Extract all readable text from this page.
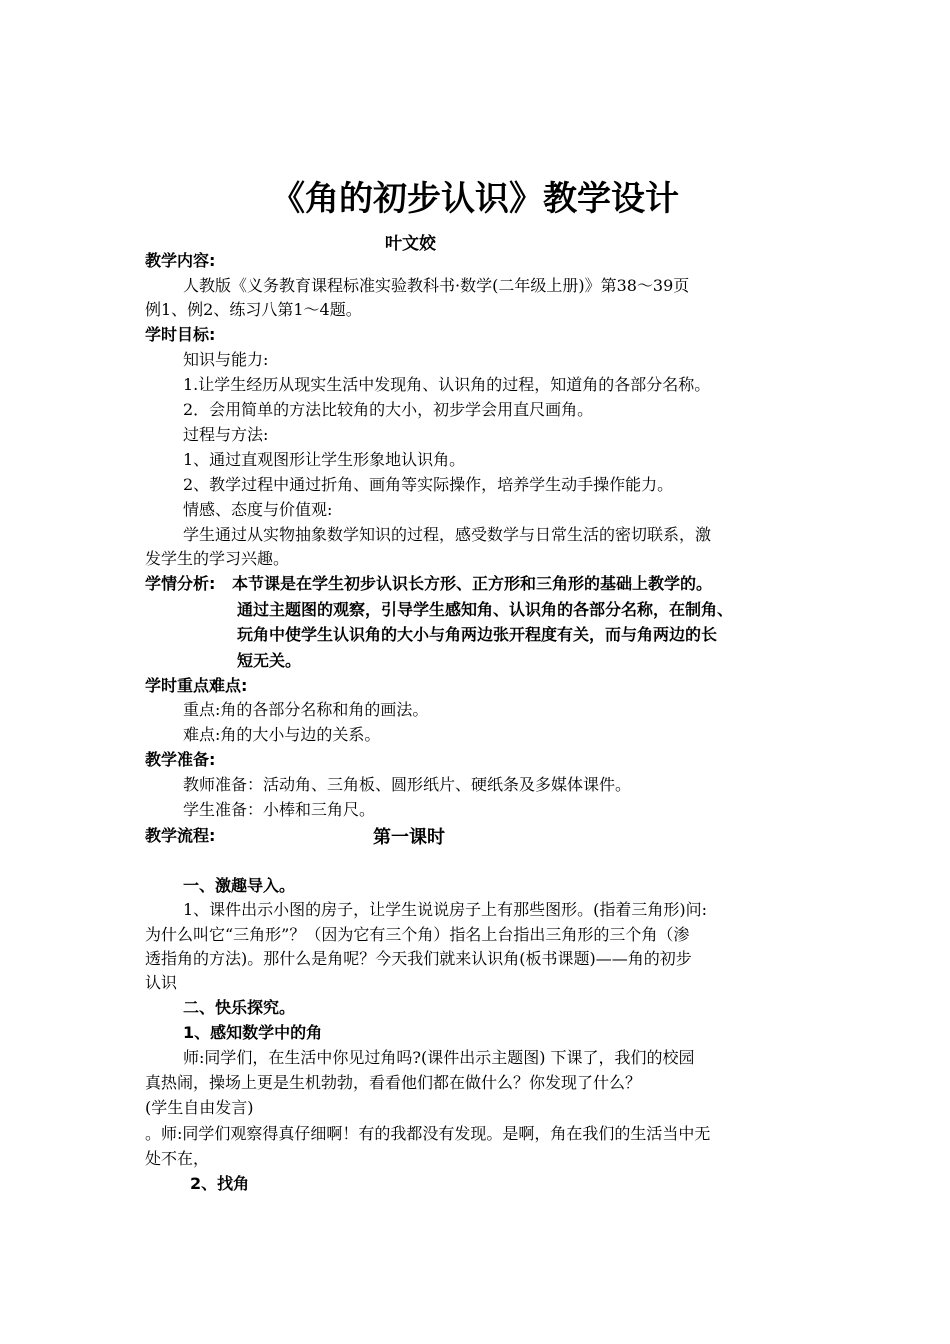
《角的初步认识》教学设计
叶文姣
教学内容:
人教版《义务教育课程标准实验教科书·数学(二年级上册)》第38～39页
例1、例2、练习八第1～4题。
学时目标:
知识与能力:
1.让学生经历从现实生活中发现角、认识角的过程，知道角的各部分名称。
2．会用简单的方法比较角的大小，初步学会用直尺画角。
过程与方法:
1、通过直观图形让学生形象地认识角。
2、教学过程中通过折角、画角等实际操作，培养学生动手操作能力。
情感、态度与价值观:
学生通过从实物抽象数学知识的过程，感受数学与日常生活的密切联系，激
发学生的学习兴趣。
学情分析: 本节课是在学生初步认识长方形、正方形和三角形的基础上教学的。
通过主题图的观察，引导学生感知角、认识角的各部分名称，在制角、
玩角中使学生认识角的大小与角两边张开程度有关，而与角两边的长
短无关。
学时重点难点:
重点:角的各部分名称和角的画法。
难点:角的大小与边的关系。
教学准备:
教师准备：活动角、三角板、圆形纸片、硬纸条及多媒体课件。
学生准备：小棒和三角尺。
教学流程:	第一课时
一、激趣导入。
1、课件出示小图的房子，让学生说说房子上有那些图形。(指着三角形)问:
为什么叫它“三角形”？（因为它有三个角）指名上台指出三角形的三个角（渗
透指角的方法)。那什么是角呢？今天我们就来认识角(板书课题)——角的初步
认识
二、快乐探究。
1、感知数学中的角
师:同学们，在生活中你见过角吗?(课件出示主题图) 下课了，我们的校园
真热闹，操场上更是生机勃勃，看看他们都在做什么？你发现了什么？
(学生自由发言)
。师:同学们观察得真仔细啊！有的我都没有发现。是啊，角在我们的生活当中无
处不在，
2、找角
